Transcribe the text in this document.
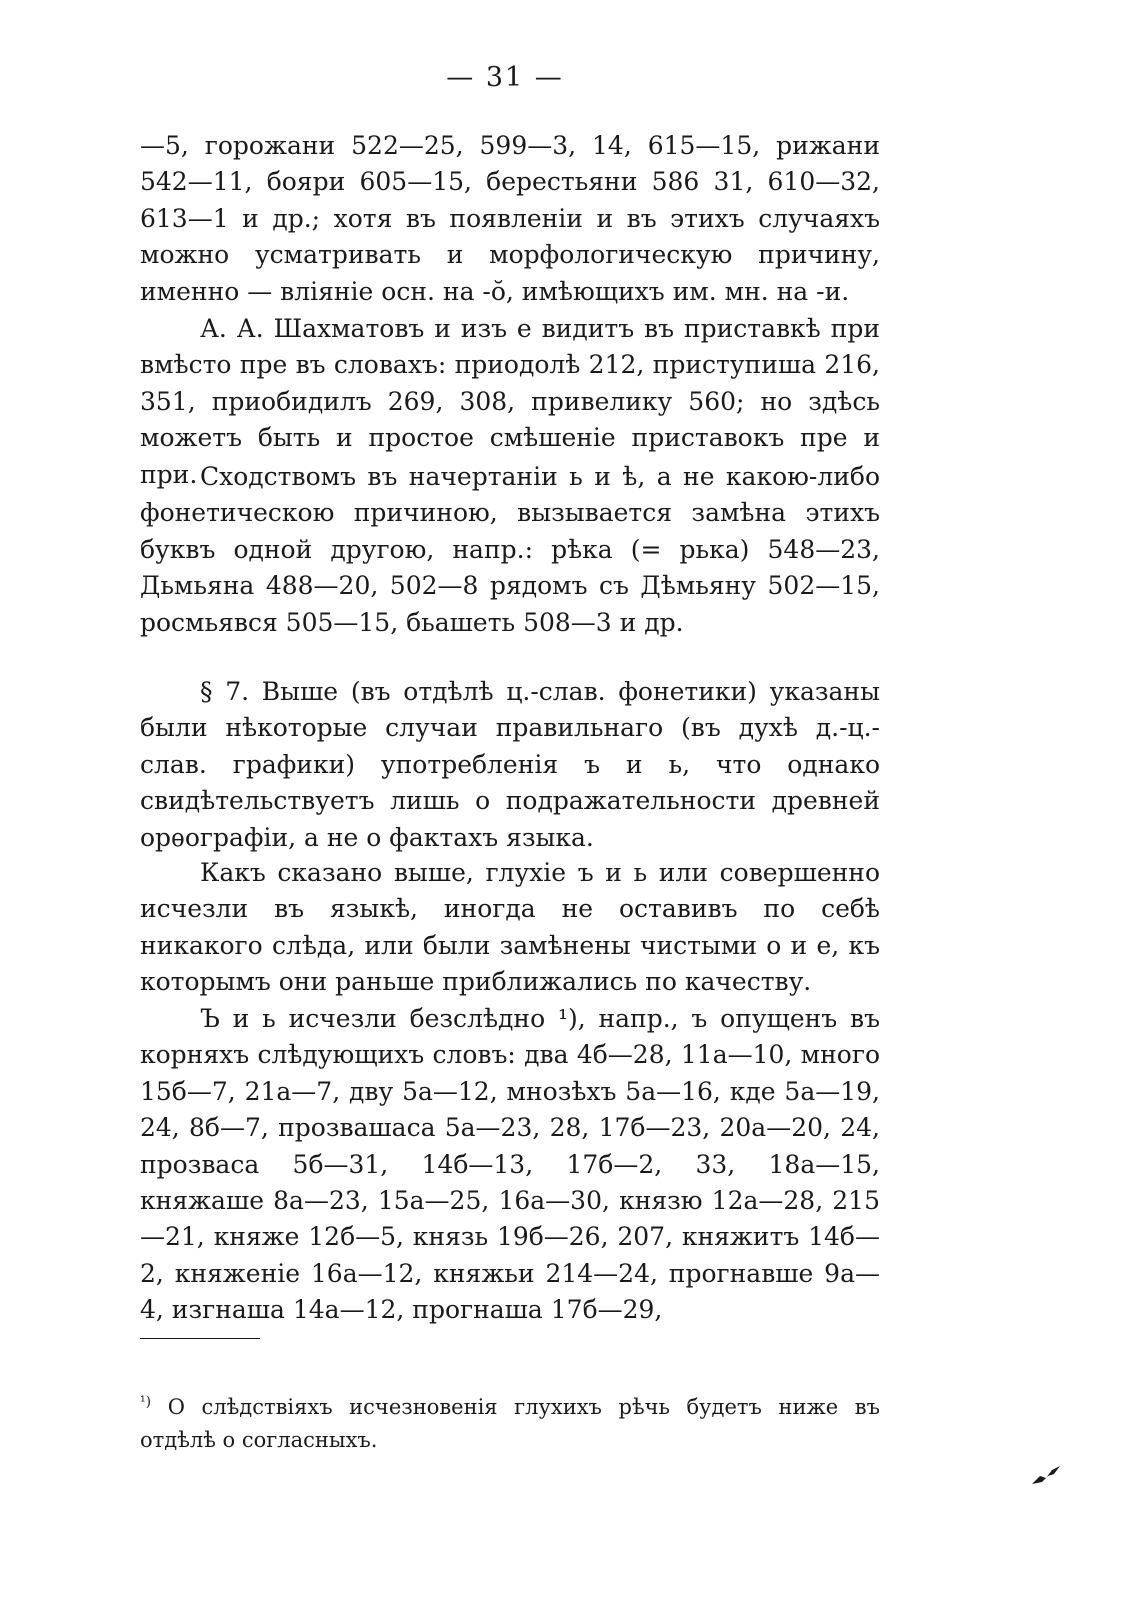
— 31 —

—5, горожани 522—25, 599—3, 14, 615—15, рижани 542—11, бояри 605—15, берестьяни 586 31, 610—32, 613—1 и др.; хотя въ появленіи и въ этихъ случаяхъ можно усматривать и морфологическую причину, именно — вліяніе осн. на -ŏ, имѣющихъ им. мн. на -и.

А. А. Шахматовъ и изъ е видитъ въ приставкѣ при вмѣсто пре въ словахъ: приодолѣ 212, приступиша 216, 351, приобидилъ 269, 308, привелику 560; но здѣсь можетъ быть и простое смѣшеніе приставокъ пре и при. Сходствомъ въ начертаніи ь и ѣ, а не какою-либо фонетическою причиною, вызывается замѣна этихъ буквъ одной другою, напр.: рѣка (= рька) 548—23, Дьмьяна 488—20, 502—8 рядомъ съ Дѣмьяну 502—15, росмьявся 505—15, бьашеть 508—3 и др.

§ 7. Выше (въ отдѣлѣ ц.-слав. фонетики) указаны были нѣкоторые случаи правильнаго (въ духѣ д.-ц.-слав. графики) употребленія ъ и ь, что однако свидѣтельствуетъ лишь о подражательности древней орѳографіи, а не о фактахъ языка.

Какъ сказано выше, глухіе ъ и ь или совершенно исчезли въ языкѣ, иногда не оставивъ по себѣ никакого слѣда, или были замѣнены чистыми о и е, къ которымъ они раньше приближались по качеству.

Ъ и ь исчезли безслѣдно ¹), напр., ъ опущенъ въ корняхъ слѣдующихъ словъ: два 4б—28, 11а—10, много 15б—7, 21а—7, дву 5а—12, мнозѣхъ 5а—16, кде 5а—19, 24, 8б—7, прозвашаса 5а—23, 28, 17б—23, 20а—20, 24, прозваса 5б—31, 14б—13, 17б—2, 33, 18а—15, княжаше 8а—23, 15а—25, 16а—30, князю 12а—28, 215—21, княже 12б—5, князь 19б—26, 207, княжитъ 14б—2, княженіе 16а—12, княжьи 214—24, прогнавше 9а—4, изгнаша 14а—12, прогнаша 17б—29,

$^{^1)}$ О слѣдствіяхъ исчезновенія глухихъ рѣчь будетъ ниже въ отдѣлѣ о согласныхъ.
